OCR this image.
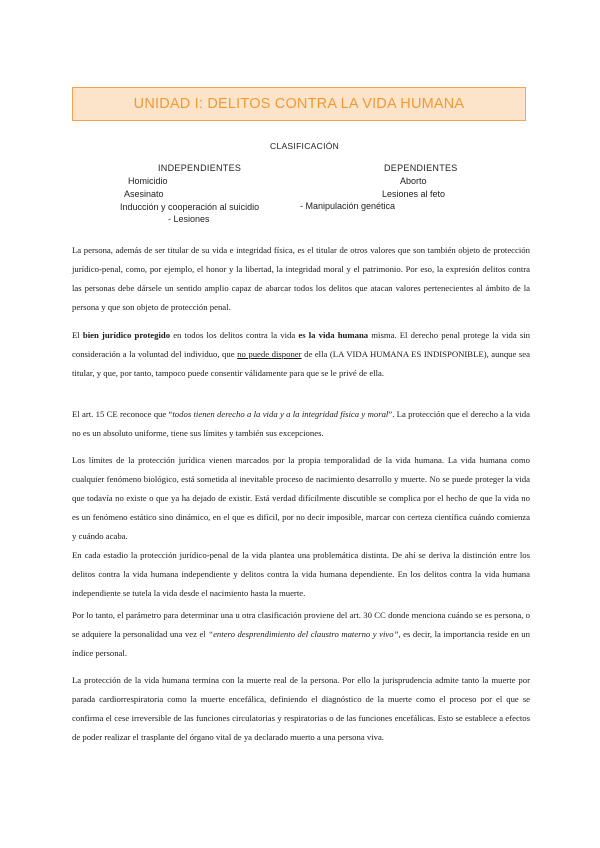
UNIDAD I: DELITOS CONTRA LA VIDA HUMANA
CLASIFICACIÓN
INDEPENDIENTES
Homicidio
Asesinato
Inducción y cooperación al suicidio
- Lesiones
DEPENDIENTES
Aborto
Lesiones al feto
- Manipulación genética

La persona, además de ser titular de su vida e integridad física, es el titular de otros valores que son también objeto de protección jurídico-penal, como, por ejemplo, el honor y la libertad, la integridad moral y el patrimonio. Por eso, la expresión delitos contra las personas debe dársele un sentido amplio capaz de abarcar todos los delitos que atacan valores pertenecientes al ámbito de la persona y que son objeto de protección penal.

El bien jurídico protegido en todos los delitos contra la vida es la vida humana misma. El derecho penal protege la vida sin consideración a la voluntad del individuo, que no puede disponer de ella (LA VIDA HUMANA ES INDISPONIBLE), aunque sea titular, y que, por tanto, tampoco puede consentir válidamente para que se le privé de ella.

El art. 15 CE reconoce que “todos tienen derecho a la vida y a la integridad física y moral”. La protección que el derecho a la vida no es un absoluto uniforme, tiene sus límites y también sus excepciones.

Los límites de la protección jurídica vienen marcados por la propia temporalidad de la vida humana. La vida humana como cualquier fenómeno biológico, está sometida al inevitable proceso de nacimiento desarrollo y muerte. No se puede proteger la vida que todavía no existe o que ya ha dejado de existir. Está verdad difícilmente discutible se complica por el hecho de que la vida no es un fenómeno estático sino dinámico, en el que es difícil, por no decir imposible, marcar con certeza científica cuándo comienza y cuándo acaba.

En cada estadio la protección jurídico-penal de la vida plantea una problemática distinta. De ahí se deriva la distinción entre los delitos contra la vida humana independiente y delitos contra la vida humana dependiente. En los delitos contra la vida humana independiente se tutela la vida desde el nacimiento hasta la muerte.

Por lo tanto, el parámetro para determinar una u otra clasificación proviene del art. 30 CC donde menciona cuándo se es persona, o se adquiere la personalidad una vez el “entero desprendimiento del claustro materno y vivo”, es decir, la importancia reside en un índice personal.

La protección de la vida humana termina con la muerte real de la persona. Por ello la jurisprudencia admite tanto la muerte por parada cardiorrespiratoria como la muerte encefálica, definiendo el diagnóstico de la muerte como el proceso por el que se confirma el cese irreversible de las funciones circulatorias y respiratorias o de las funciones encefálicas. Esto se establece a efectos de poder realizar el trasplante del órgano vital de ya declarado muerto a una persona viva.
